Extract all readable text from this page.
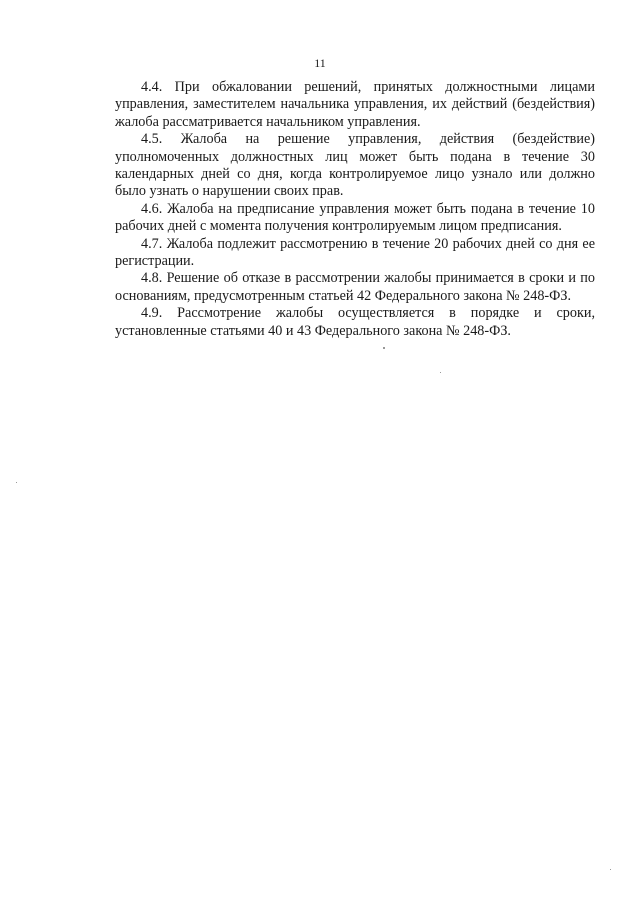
11

4.4. При обжаловании решений, принятых должностными лицами управления, заместителем начальника управления, их действий (бездействия) жалоба рассматривается начальником управления.

4.5. Жалоба на решение управления, действия (бездействие) уполномоченных должностных лиц может быть подана в течение 30 календарных дней со дня, когда контролируемое лицо узнало или должно было узнать о нарушении своих прав.

4.6. Жалоба на предписание управления может быть подана в течение 10 рабочих дней с момента получения контролируемым лицом предписания.

4.7. Жалоба подлежит рассмотрению в течение 20 рабочих дней со дня ее регистрации.

4.8. Решение об отказе в рассмотрении жалобы принимается в сроки и по основаниям, предусмотренным статьей 42 Федерального закона № 248-ФЗ.

4.9. Рассмотрение жалобы осуществляется в порядке и сроки, установленные статьями 40 и 43 Федерального закона № 248-ФЗ.
